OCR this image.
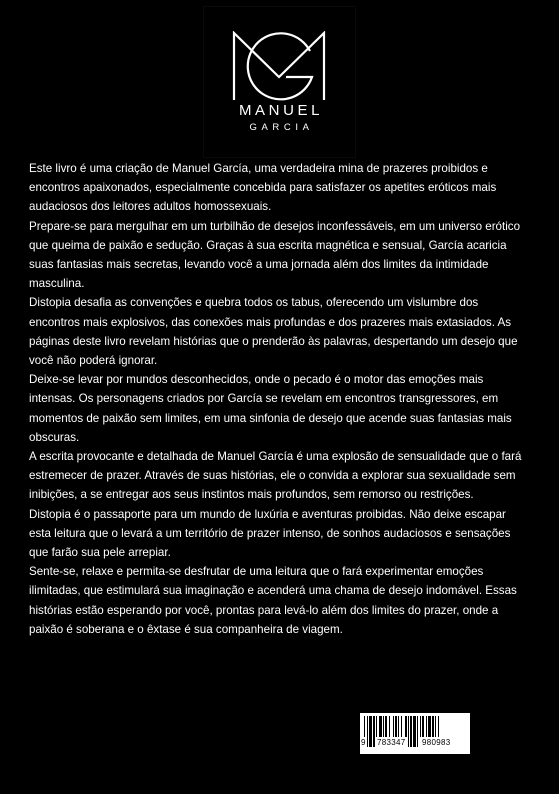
MANUEL
GARCIA

Este livro é uma criação de Manuel García, uma verdadeira mina de prazeres proibidos e encontros apaixonados, especialmente concebida para satisfazer os apetites eróticos mais audaciosos dos leitores adultos homossexuais.

Prepare-se para mergulhar em um turbilhão de desejos inconfessáveis, em um universo erótico que queima de paixão e sedução. Graças à sua escrita magnética e sensual, García acaricia suas fantasias mais secretas, levando você a uma jornada além dos limites da intimidade masculina.

Distopia desafia as convenções e quebra todos os tabus, oferecendo um vislumbre dos encontros mais explosivos, das conexões mais profundas e dos prazeres mais extasiados. As páginas deste livro revelam histórias que o prenderão às palavras, despertando um desejo que você não poderá ignorar.

Deixe-se levar por mundos desconhecidos, onde o pecado é o motor das emoções mais intensas. Os personagens criados por García se revelam em encontros transgressores, em momentos de paixão sem limites, em uma sinfonia de desejo que acende suas fantasias mais obscuras.

A escrita provocante e detalhada de Manuel García é uma explosão de sensualidade que o fará estremecer de prazer. Através de suas histórias, ele o convida a explorar sua sexualidade sem inibições, a se entregar aos seus instintos mais profundos, sem remorso ou restrições.

Distopia é o passaporte para um mundo de luxúria e aventuras proibidas. Não deixe escapar esta leitura que o levará a um território de prazer intenso, de sonhos audaciosos e sensações que farão sua pele arrepiar.

Sente-se, relaxe e permita-se desfrutar de uma leitura que o fará experimentar emoções ilimitadas, que estimulará sua imaginação e acenderá uma chama de desejo indomável. Essas histórias estão esperando por você, prontas para levá-lo além dos limites do prazer, onde a paixão é soberana e o êxtase é sua companheira de viagem.

9 783347 980983
